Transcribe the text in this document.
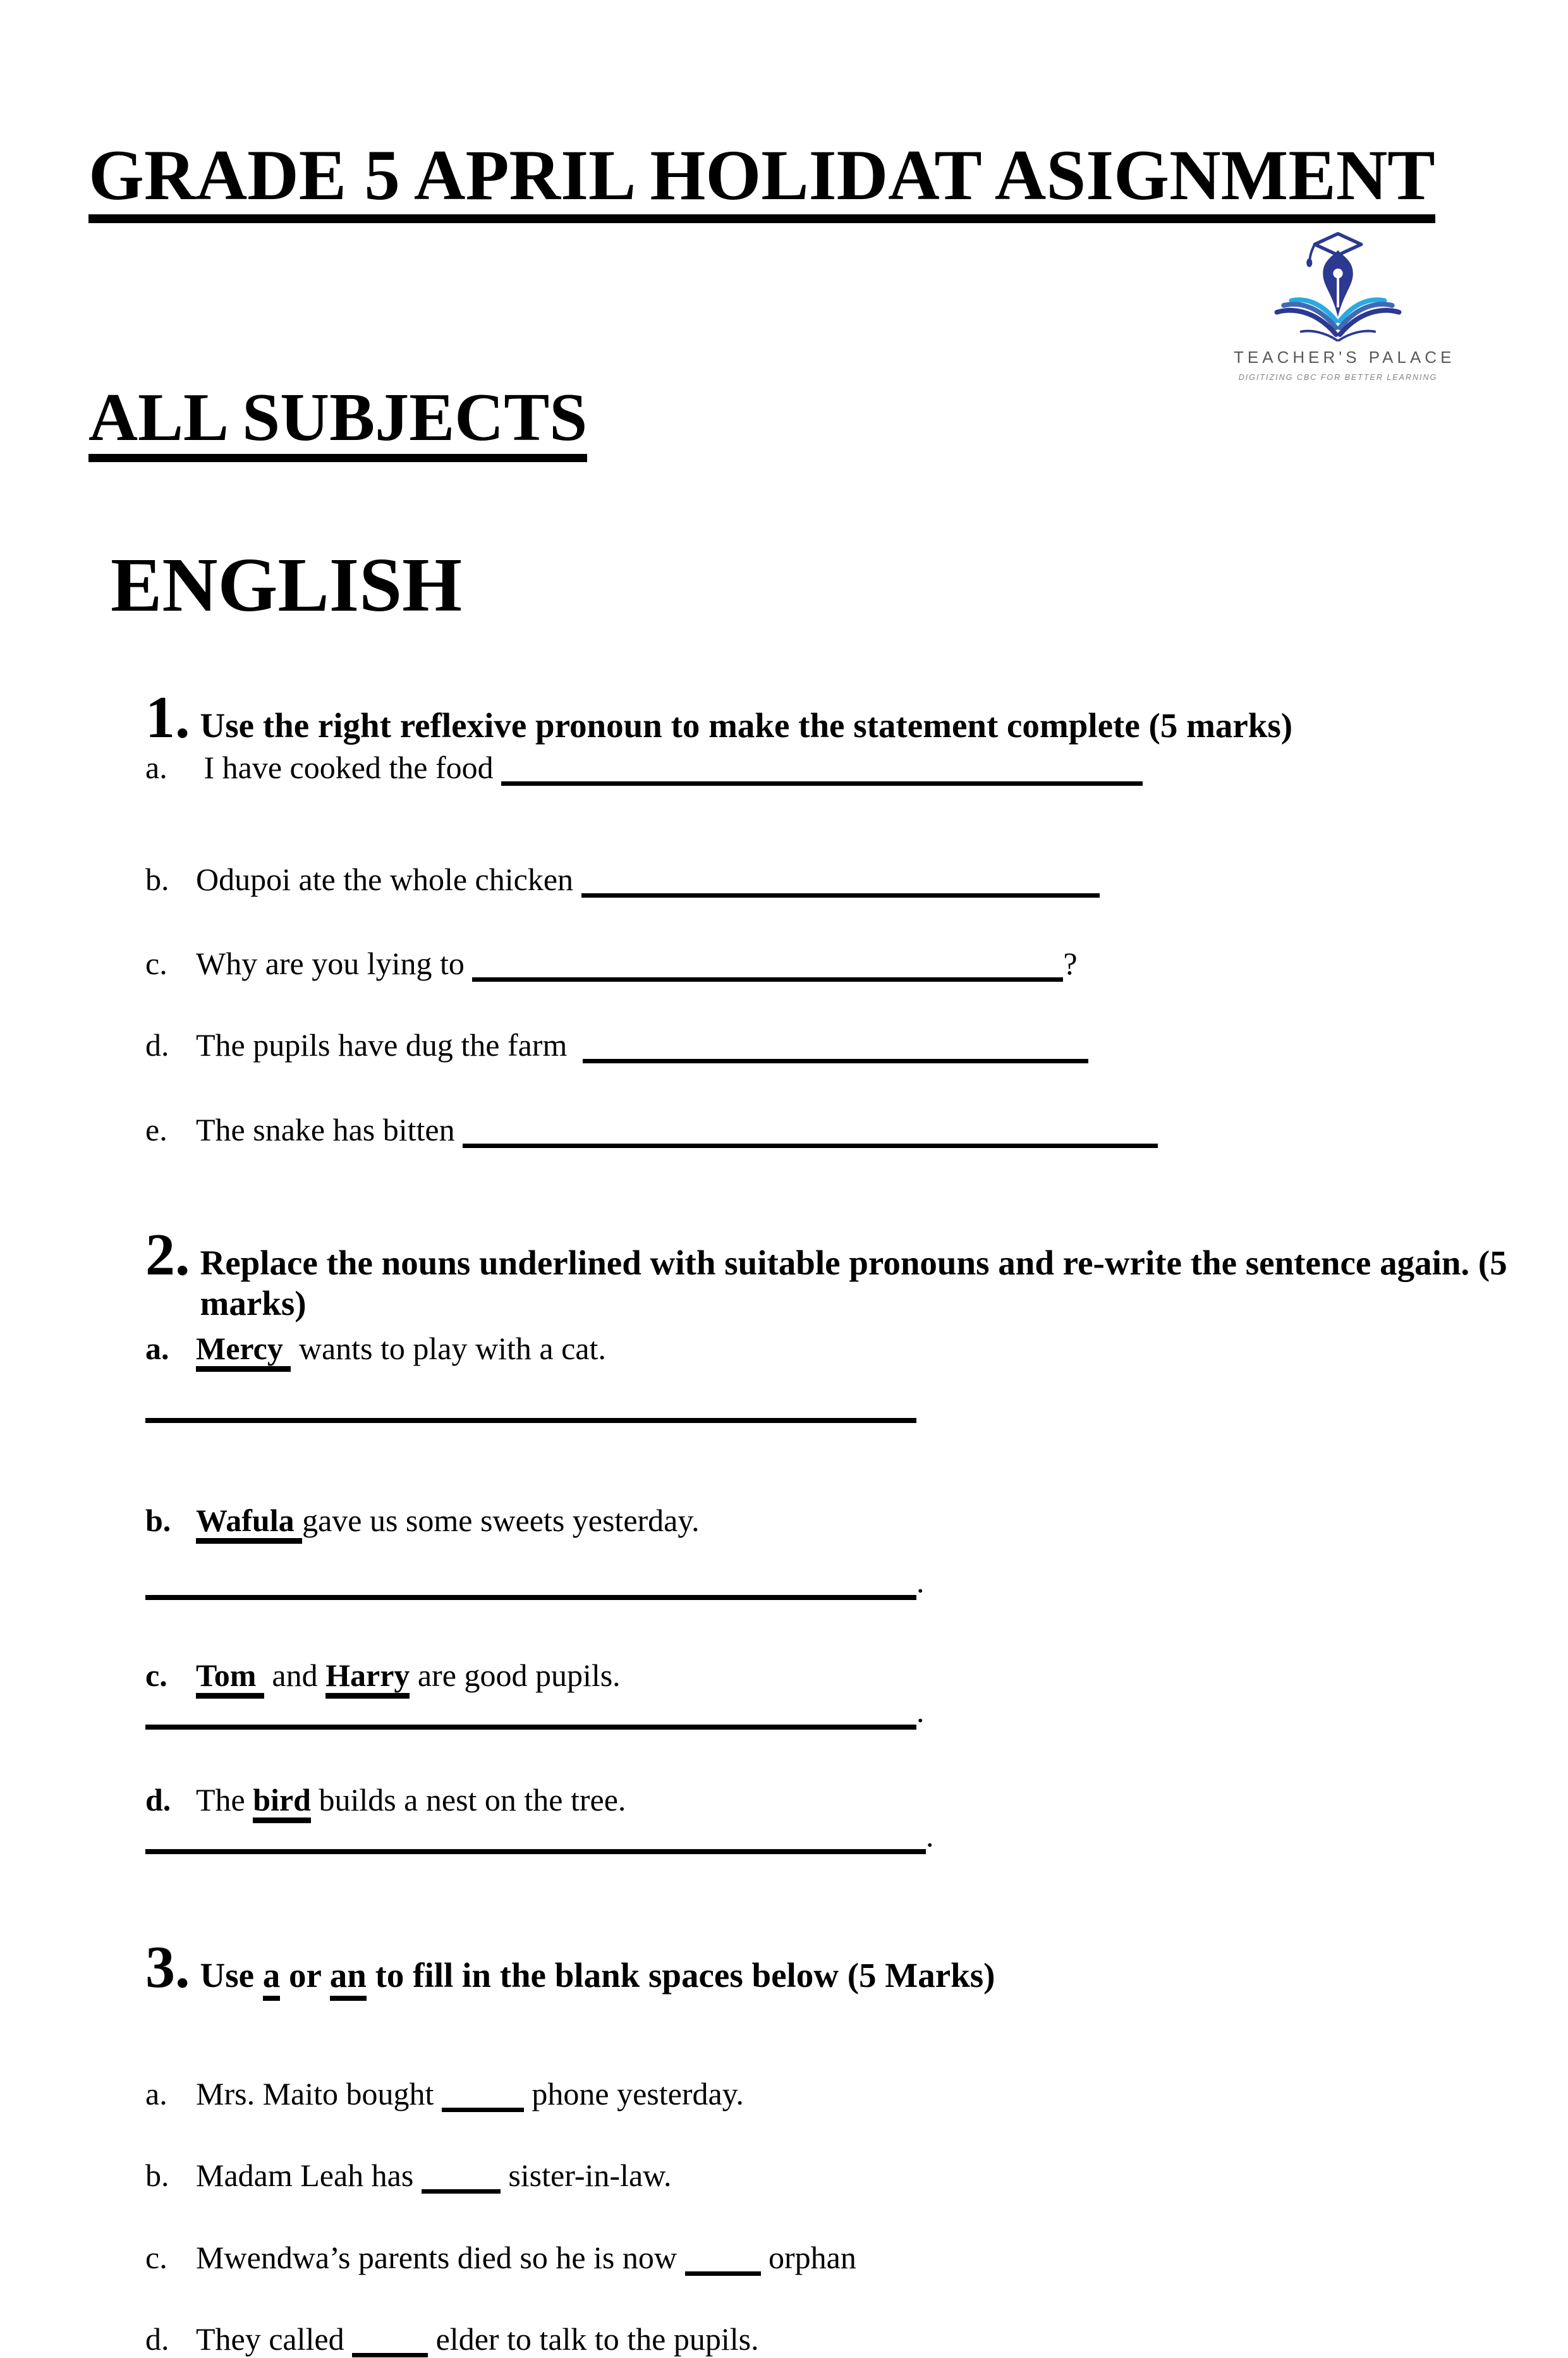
GRADE 5 APRIL HOLIDAT ASIGNMENT
ALL SUBJECTS
ENGLISH
TEACHER'S PALACE
DIGITIZING CBC FOR BETTER LEARNING
1. Use the right reflexive pronoun to make the statement complete (5 marks)
a. I have cooked the food
b. Odupoi ate the whole chicken
c. Why are you lying to	?
d. The pupils have dug the farm
e. The snake has bitten
2. Replace the nouns underlined with suitable pronouns and re-write the sentence again. (5
marks)
a. Mercy  wants to play with a cat.
b. Wafula gave us some sweets yesterday.
.
c. Tom  and Harry are good pupils.
.
d. The bird builds a nest on the tree.
.
3. Use a or an to fill in the blank spaces below (5 Marks)
a. Mrs. Maito bought	phone yesterday.
b. Madam Leah has	sister-in-law.
c. Mwendwa’s parents died so he is now  orphan
d. They called  elder to talk to the pupils.
